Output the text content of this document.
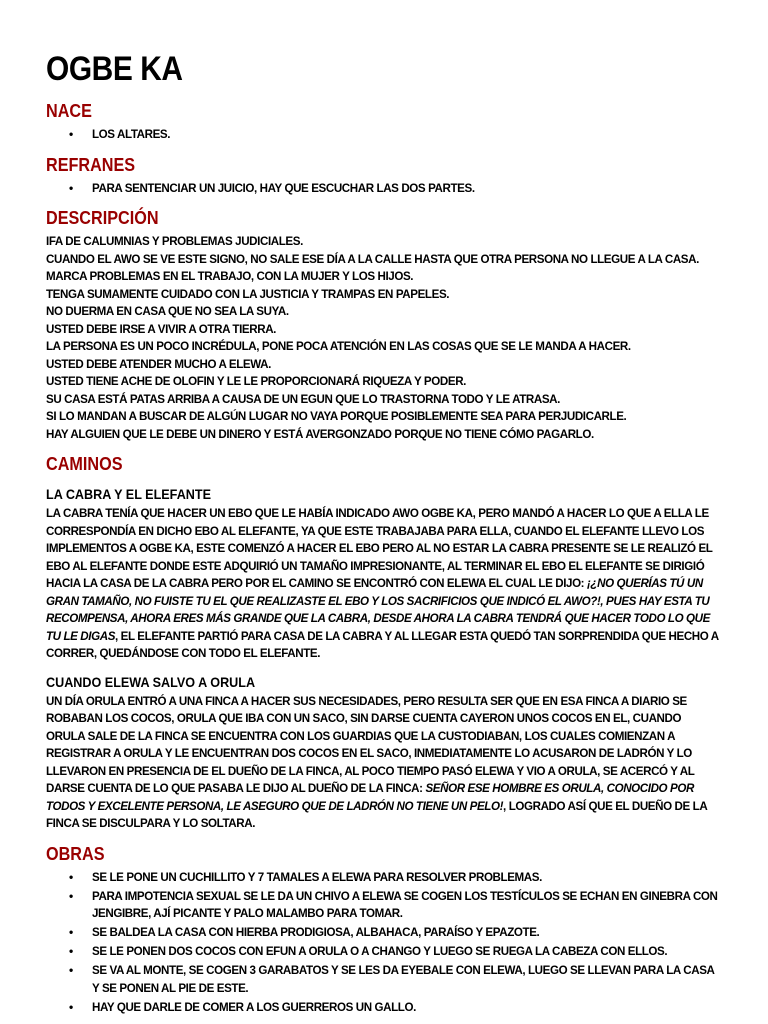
OGBE KA
NACE
• LOS ALTARES.
REFRANES
• PARA SENTENCIAR UN JUICIO, HAY QUE ESCUCHAR LAS DOS PARTES.
DESCRIPCIÓN

IFA DE CALUMNIAS Y PROBLEMAS JUDICIALES.

CUANDO EL AWO SE VE ESTE SIGNO, NO SALE ESE DÍA A LA CALLE HASTA QUE OTRA PERSONA NO LLEGUE A LA CASA.

MARCA PROBLEMAS EN EL TRABAJO, CON LA MUJER Y LOS HIJOS.

TENGA SUMAMENTE CUIDADO CON LA JUSTICIA Y TRAMPAS EN PAPELES.

NO DUERMA EN CASA QUE NO SEA LA SUYA.

USTED DEBE IRSE A VIVIR A OTRA TIERRA.

LA PERSONA ES UN POCO INCRÉDULA, PONE POCA ATENCIÓN EN LAS COSAS QUE SE LE MANDA A HACER.

USTED DEBE ATENDER MUCHO A ELEWA.

USTED TIENE ACHE DE OLOFIN Y LE LE PROPORCIONARÁ RIQUEZA Y PODER.

SU CASA ESTÁ PATAS ARRIBA A CAUSA DE UN EGUN QUE LO TRASTORNA TODO Y LE ATRASA.

SI LO MANDAN A BUSCAR DE ALGÚN LUGAR NO VAYA PORQUE POSIBLEMENTE SEA PARA PERJUDICARLE.

HAY ALGUIEN QUE LE DEBE UN DINERO Y ESTÁ AVERGONZADO PORQUE NO TIENE CÓMO PAGARLO.

CAMINOS
LA CABRA Y EL ELEFANTE

LA CABRA TENÍA QUE HACER UN EBO QUE LE HABÍA INDICADO AWO OGBE KA, PERO MANDÓ A HACER LO QUE A ELLA LE CORRESPONDÍA EN DICHO EBO AL ELEFANTE, YA QUE ESTE TRABAJABA PARA ELLA, CUANDO EL ELEFANTE LLEVO LOS IMPLEMENTOS A OGBE KA, ESTE COMENZÓ A HACER EL EBO PERO AL NO ESTAR LA CABRA PRESENTE SE LE REALIZÓ EL EBO AL ELEFANTE DONDE ESTE ADQUIRIÓ UN TAMAÑO IMPRESIONANTE, AL TERMINAR EL EBO EL ELEFANTE SE DIRIGIÓ HACIA LA CASA DE LA CABRA PERO POR EL CAMINO SE ENCONTRÓ CON ELEWA EL CUAL LE DIJO: ¡¿NO QUERÍAS TÚ UN GRAN TAMAÑO, NO FUISTE TU EL QUE REALIZASTE EL EBO Y LOS SACRIFICIOS QUE INDICÓ EL AWO?!, PUES HAY ESTA TU RECOMPENSA, AHORA ERES MÁS GRANDE QUE LA CABRA, DESDE AHORA LA CABRA TENDRÁ QUE HACER TODO LO QUE TU LE DIGAS, EL ELEFANTE PARTIÓ PARA CASA DE LA CABRA Y AL LLEGAR ESTA QUEDÓ TAN SORPRENDIDA QUE HECHO A CORRER, QUEDÁNDOSE CON TODO EL ELEFANTE.

CUANDO ELEWA SALVO A ORULA

UN DÍA ORULA ENTRÓ A UNA FINCA A HACER SUS NECESIDADES, PERO RESULTA SER QUE EN ESA FINCA A DIARIO SE ROBABAN LOS COCOS, ORULA QUE IBA CON UN SACO, SIN DARSE CUENTA CAYERON UNOS COCOS EN EL, CUANDO ORULA SALE DE LA FINCA SE ENCUENTRA CON LOS GUARDIAS QUE LA CUSTODIABAN, LOS CUALES COMIENZAN A REGISTRAR A ORULA Y LE ENCUENTRAN DOS COCOS EN EL SACO, INMEDIATAMENTE LO ACUSARON DE LADRÓN Y LO LLEVARON EN PRESENCIA DE EL DUEÑO DE LA FINCA, AL POCO TIEMPO PASÓ ELEWA Y VIO A ORULA, SE ACERCÓ Y AL DARSE CUENTA DE LO QUE PASABA LE DIJO AL DUEÑO DE LA FINCA: SEÑOR ESE HOMBRE ES ORULA, CONOCIDO POR TODOS Y EXCELENTE PERSONA, LE ASEGURO QUE DE LADRÓN NO TIENE UN PELO!, LOGRADO ASÍ QUE EL DUEÑO DE LA FINCA SE DISCULPARA Y LO SOLTARA.

OBRAS
• SE LE PONE UN CUCHILLITO Y 7 TAMALES A ELEWA PARA RESOLVER PROBLEMAS.
• PARA IMPOTENCIA SEXUAL SE LE DA UN CHIVO A ELEWA SE COGEN LOS TESTÍCULOS SE ECHAN EN GINEBRA CON JENGIBRE, AJÍ PICANTE Y PALO MALAMBO PARA TOMAR.
• SE BALDEA LA CASA CON HIERBA PRODIGIOSA, ALBAHACA, PARAÍSO Y EPAZOTE.
• SE LE PONEN DOS COCOS CON EFUN A ORULA O A CHANGO Y LUEGO SE RUEGA LA CABEZA CON ELLOS.
• SE VA AL MONTE, SE COGEN 3 GARABATOS Y SE LES DA EYEBALE CON ELEWA, LUEGO SE LLEVAN PARA LA CASA Y SE PONEN AL PIE DE ESTE.
• HAY QUE DARLE DE COMER A LOS GUERREROS UN GALLO.
